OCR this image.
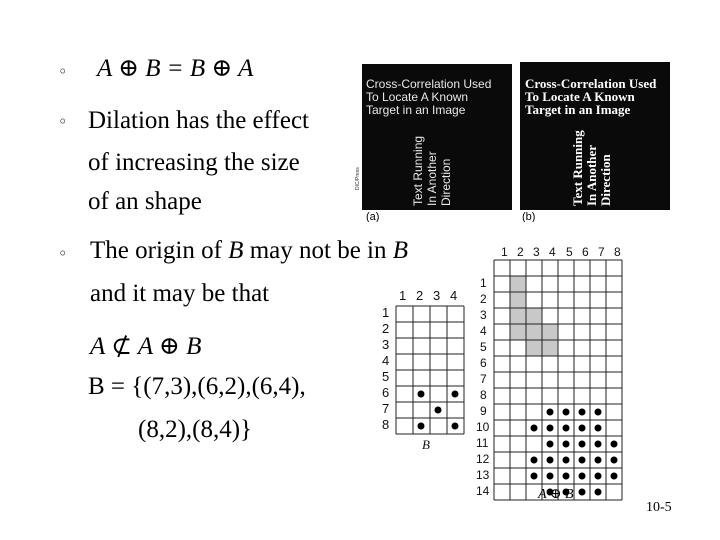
◦ A ⊕ B = B ⊕ A
◦ Dilation has the effect
of increasing the size
of an shape
◦ The origin of B may not be in B
and it may be that
A ⊄ A ⊕ B
B = {(7,3),(6,2),(6,4),
(8,2),(8,4)}
Cross-Correlation Used To Locate A Known Target in an Image
Text Running In Another Direction
(a)
DIC/Press
Cross-Correlation Used To Locate A Known Target in an Image
Text Running In Another Direction
(b)
1 2 3 4
1
2
3
4
5
6
7
8
B
1 2 3 4 5 6 7 8
1
2
3
4
5
6
7
8
9
10
11
12
13
14	A ⊕ B
10-5
